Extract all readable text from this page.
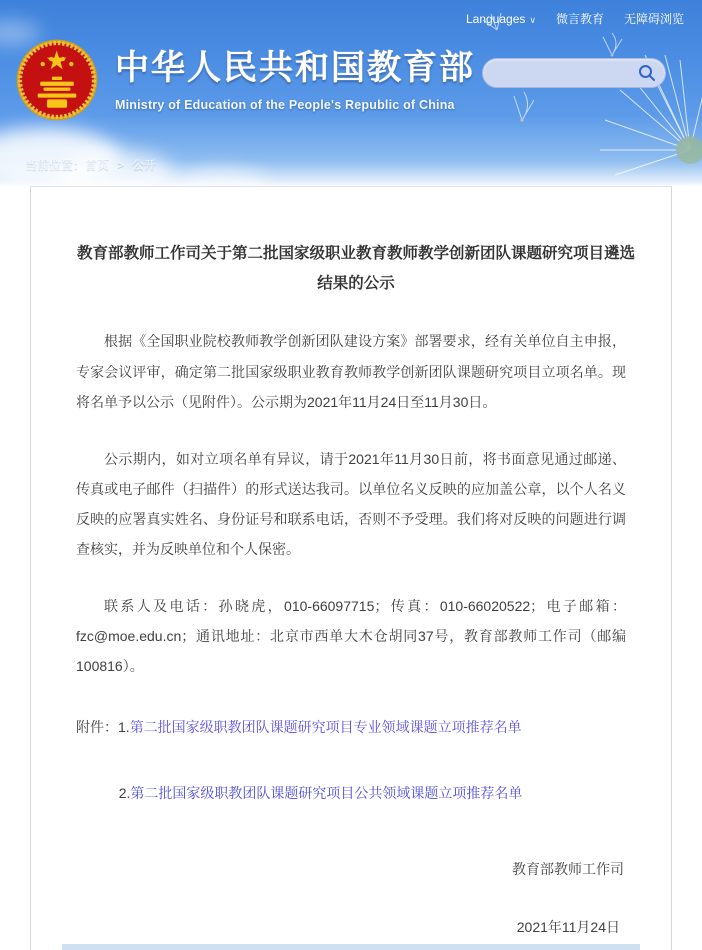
Languages ∨ 微言教育 无障碍浏览
中华人民共和国教育部
Ministry of Education of the People's Republic of China
当前位置：首页 > 公开
教育部教师工作司关于第二批国家级职业教育教师教学创新团队课题研究项目遴选结果的公示

根据《全国职业院校教师教学创新团队建设方案》部署要求，经有关单位自主申报，专家会议评审，确定第二批国家级职业教育教师教学创新团队课题研究项目立项名单。现将名单予以公示（见附件）。公示期为2021年11月24日至11月30日。

公示期内，如对立项名单有异议，请于2021年11月30日前，将书面意见通过邮递、传真或电子邮件（扫描件）的形式送达我司。以单位名义反映的应加盖公章，以个人名义反映的应署真实姓名、身份证号和联系电话，否则不予受理。我们将对反映的问题进行调查核实，并为反映单位和个人保密。

联系人及电话：孙晓虎，010-66097715；传真：010-66020522；电子邮箱：fzc@moe.edu.cn；通讯地址：北京市西单大木仓胡同37号，教育部教师工作司（邮编100816）。

附件：1.第二批国家级职教团队课题研究项目专业领域课题立项推荐名单
2.第二批国家级职教团队课题研究项目公共领域课题立项推荐名单
教育部教师工作司
2021年11月24日
